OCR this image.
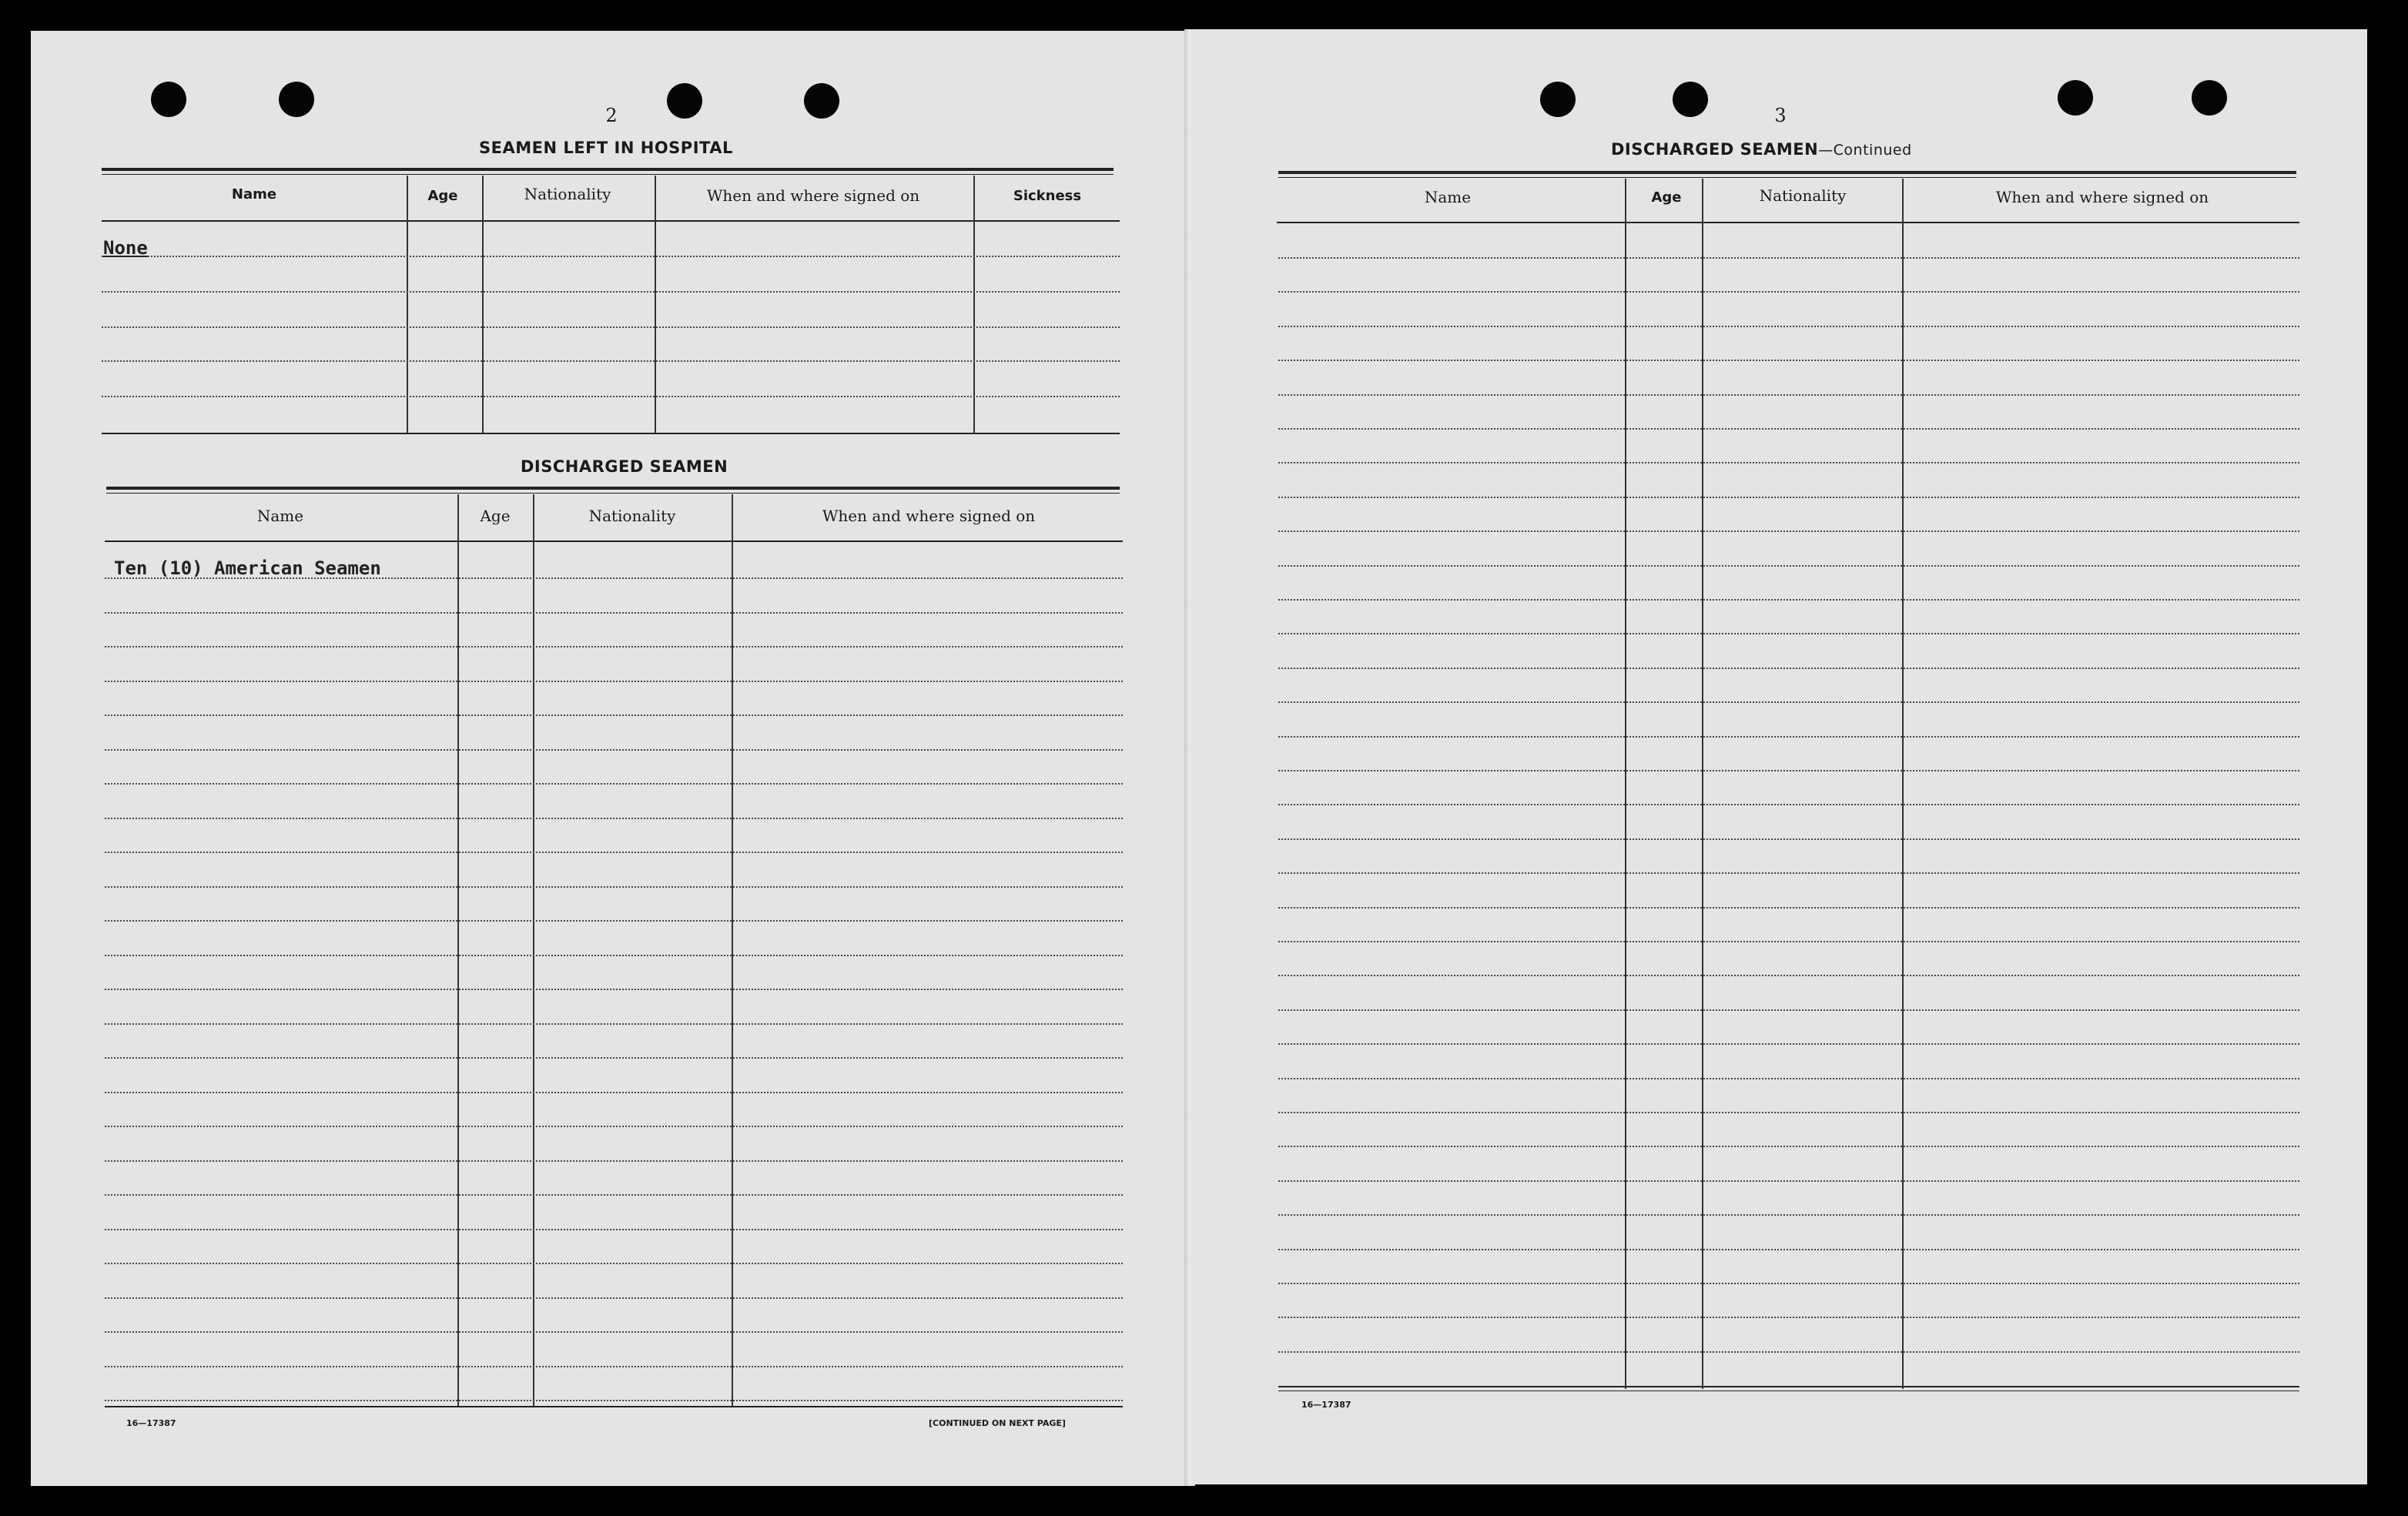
2
SEAMEN LEFT IN HOSPITAL
Name	Age	Nationality	When and where signed on	Sickness
None
DISCHARGED SEAMEN
Name	Age	Nationality	When and where signed on
Ten (10) American Seamen
16—17387	[CONTINUED ON NEXT PAGE]
3
DISCHARGED SEAMEN—Continued
Name	Age	Nationality	When and where signed on
16—17387
